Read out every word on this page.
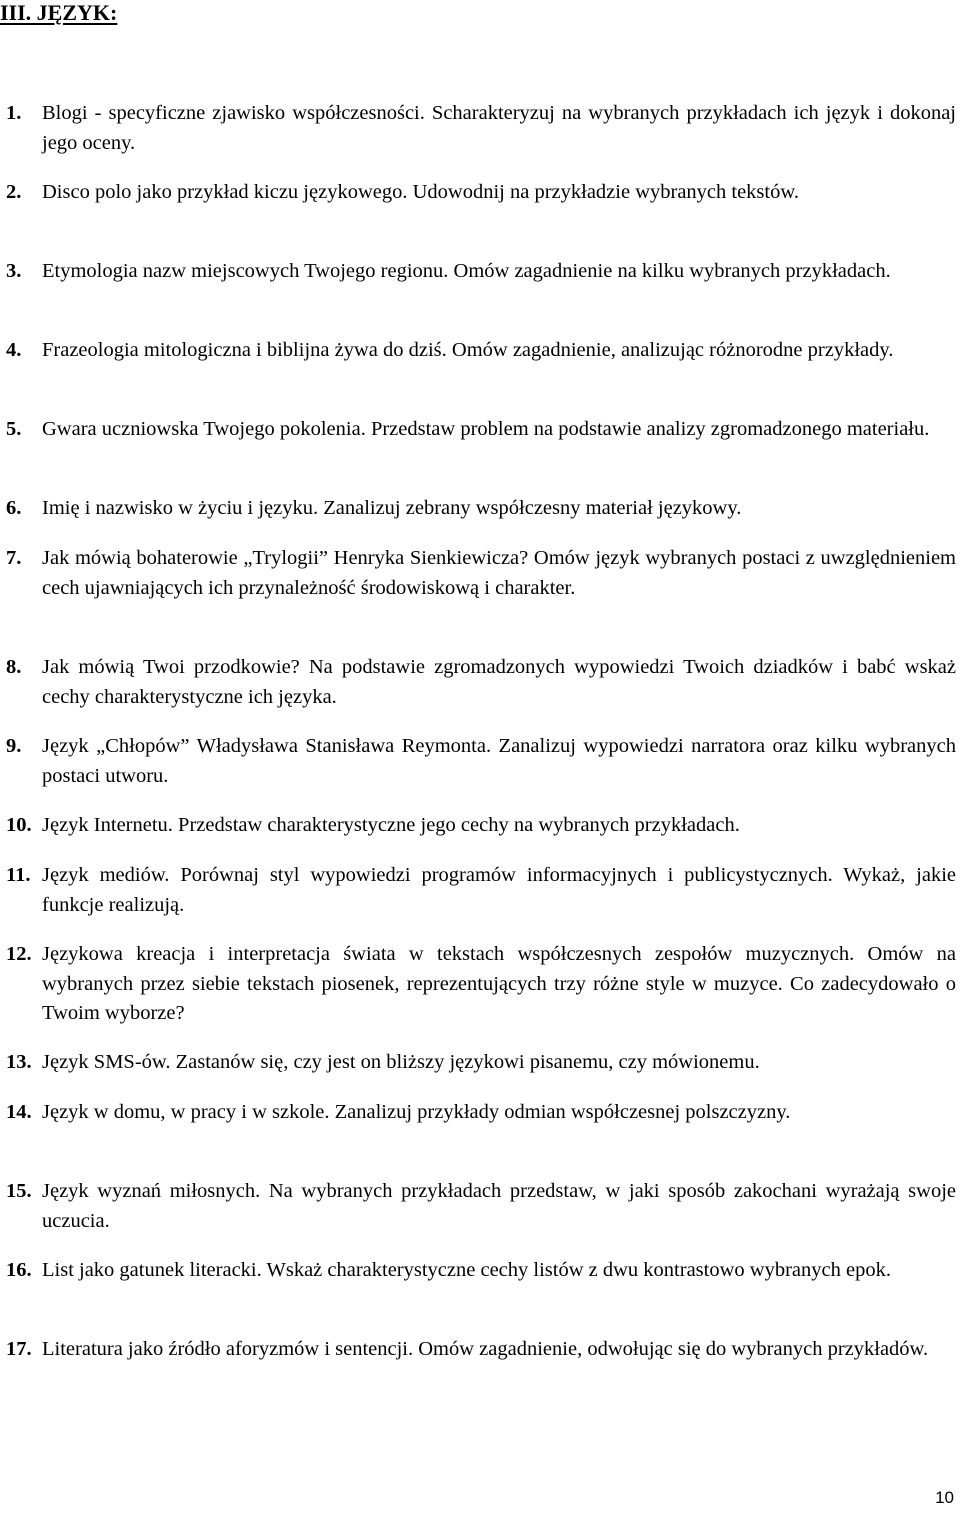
III. JĘZYK:
1. Blogi - specyficzne zjawisko współczesności. Scharakteryzuj na wybranych przykładach ich język i dokonaj jego oceny.
2. Disco polo jako przykład kiczu językowego. Udowodnij na przykładzie wybranych tekstów.
3. Etymologia nazw miejscowych Twojego regionu. Omów zagadnienie na kilku wybranych przykładach.
4. Frazeologia mitologiczna i biblijna żywa do dziś. Omów zagadnienie, analizując różnorodne przykłady.
5. Gwara uczniowska Twojego pokolenia. Przedstaw problem na podstawie analizy zgromadzonego materiału.
6. Imię i nazwisko w życiu i języku. Zanalizuj zebrany współczesny materiał językowy.
7. Jak mówią bohaterowie „Trylogii” Henryka Sienkiewicza? Omów język wybranych postaci z uwzględnieniem cech ujawniających ich przynależność środowiskową i charakter.
8. Jak mówią Twoi przodkowie? Na podstawie zgromadzonych wypowiedzi Twoich dziadków i babć wskaż cechy charakterystyczne ich języka.
9. Język „Chłopów” Władysława Stanisława Reymonta. Zanalizuj wypowiedzi narratora oraz kilku wybranych postaci utworu.
10. Język Internetu. Przedstaw charakterystyczne jego cechy na wybranych przykładach.
11. Język mediów. Porównaj styl wypowiedzi programów informacyjnych i publicystycznych. Wykaż, jakie funkcje realizują.
12. Językowa kreacja i interpretacja świata w tekstach współczesnych zespołów muzycznych. Omów na wybranych przez siebie tekstach piosenek, reprezentujących trzy różne style w muzyce. Co zadecydowało o Twoim wyborze?
13. Język SMS-ów. Zastanów się, czy jest on bliższy językowi pisanemu, czy mówionemu.
14. Język w domu, w pracy i w szkole. Zanalizuj przykłady odmian współczesnej polszczyzny.
15. Język wyznań miłosnych. Na wybranych przykładach przedstaw, w jaki sposób zakochani wyrażają swoje uczucia.
16. List jako gatunek literacki. Wskaż charakterystyczne cechy listów z dwu kontrastowo wybranych epok.
17. Literatura jako źródło aforyzmów i sentencji. Omów zagadnienie, odwołując się do wybranych przykładów.
10
